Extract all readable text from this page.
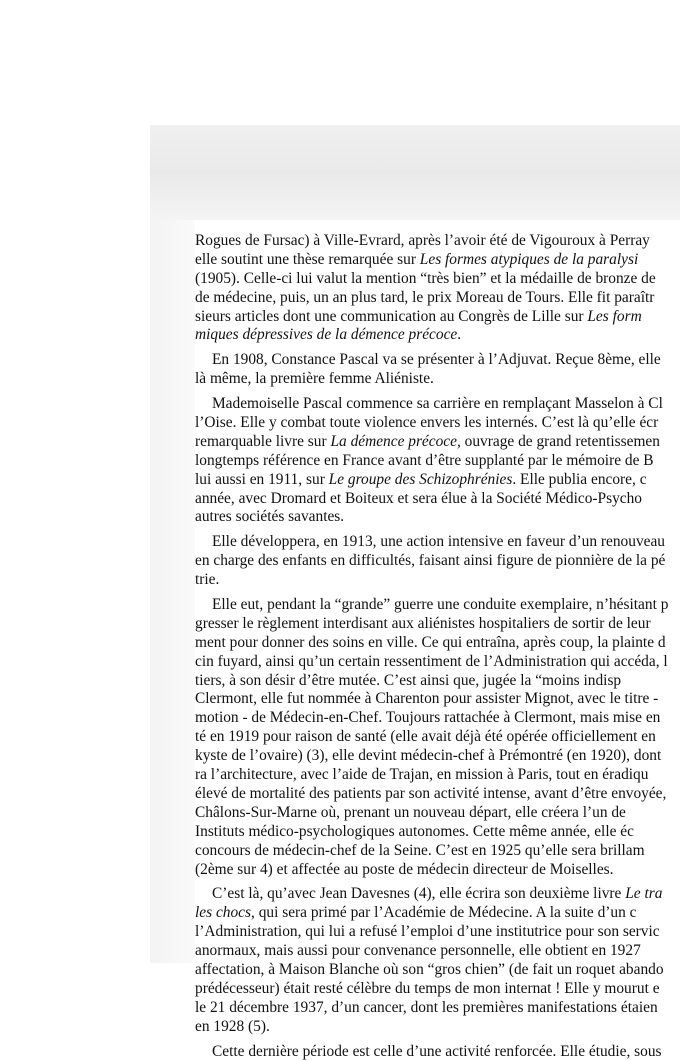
Rogues de Fursac) à Ville-Evrard, après l’avoir été de Vigouroux à Perray
elle soutint une thèse remarquée sur Les formes atypiques de la paralysi
(1905). Celle-ci lui valut la mention “très bien” et la médaille de bronze de
de médecine, puis, un an plus tard, le prix Moreau de Tours. Elle fit paraîtr
sieurs articles dont une communication au Congrès de Lille sur Les form
miques dépressives de la démence précoce.
En 1908, Constance Pascal va se présenter à l’Adjuvat. Reçue 8ème, elle
là même, la première femme Aliéniste.
Mademoiselle Pascal commence sa carrière en remplaçant Masselon à Cl
l’Oise. Elle y combat toute violence envers les internés. C’est là qu’elle écr
remarquable livre sur La démence précoce, ouvrage de grand retentissemen
longtemps référence en France avant d’être supplanté par le mémoire de B
lui aussi en 1911, sur Le groupe des Schizophrénies. Elle publia encore, c
année, avec Dromard et Boiteux et sera élue à la Société Médico-Psycho
autres sociétés savantes.
Elle développera, en 1913, une action intensive en faveur d’un renouveau
en charge des enfants en difficultés, faisant ainsi figure de pionnière de la pé
trie.
Elle eut, pendant la “grande” guerre une conduite exemplaire, n’hésitant p
gresser le règlement interdisant aux aliénistes hospitaliers de sortir de leur
ment pour donner des soins en ville. Ce qui entraîna, après coup, la plainte d
cin fuyard, ainsi qu’un certain ressentiment de l’Administration qui accéda, l
tiers, à son désir d’être mutée. C’est ainsi que, jugée la “moins indisp
Clermont, elle fut nommée à Charenton pour assister Mignot, avec le titre -
motion - de Médecin-en-Chef. Toujours rattachée à Clermont, mais mise en
té en 1919 pour raison de santé (elle avait déjà été opérée officiellement en
kyste de l’ovaire) (3), elle devint médecin-chef à Prémontré (en 1920), dont
ra l’architecture, avec l’aide de Trajan, en mission à Paris, tout en éradiqu
élevé de mortalité des patients par son activité intense, avant d’être envoyée,
Châlons-Sur-Marne où, prenant un nouveau départ, elle créera l’un de
Instituts médico-psychologiques autonomes. Cette même année, elle éc
concours de médecin-chef de la Seine. C’est en 1925 qu’elle sera brillam
(2ème sur 4) et affectée au poste de médecin directeur de Moiselles.
C’est là, qu’avec Jean Davesnes (4), elle écrira son deuxième livre Le tra
les chocs, qui sera primé par l’Académie de Médecine. A la suite d’un c
l’Administration, qui lui a refusé l’emploi d’une institutrice pour son servic
anormaux, mais aussi pour convenance personnelle, elle obtient en 1927
affectation, à Maison Blanche où son “gros chien” (de fait un roquet abando
prédécesseur) était resté célèbre du temps de mon internat ! Elle y mourut e
le 21 décembre 1937, d’un cancer, dont les premières manifestations étaien
en 1928 (5).
Cette dernière période est celle d’une activité renforcée. Elle étudie, sous
